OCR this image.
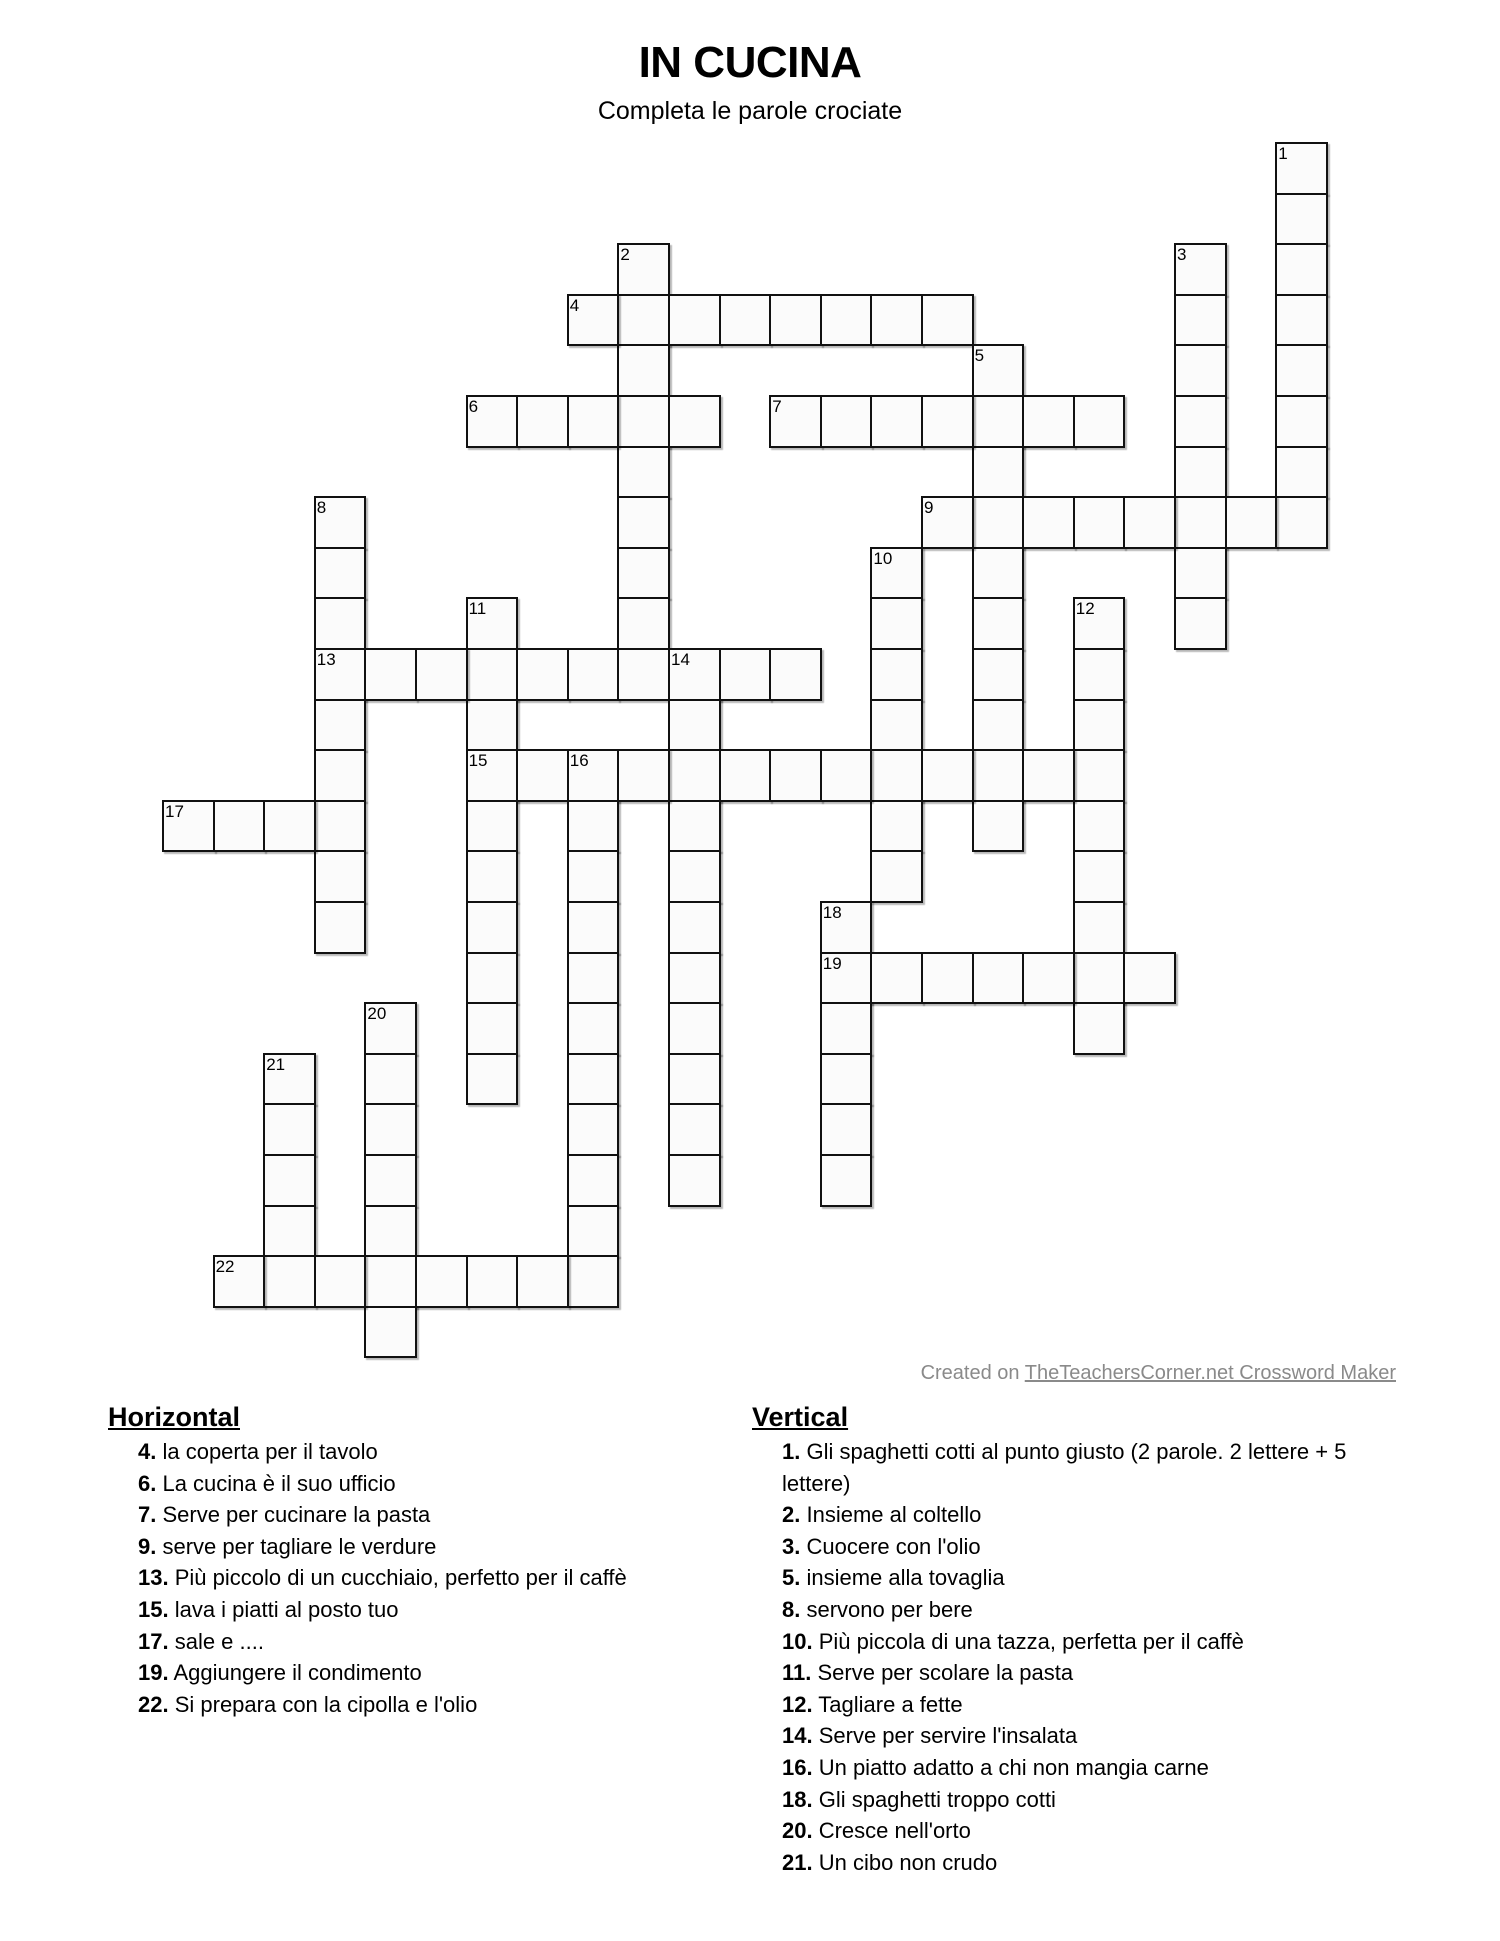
IN CUCINA
Completa le parole crociate
1
2	3
4
5
6	7
8
13
9
10
11
15
12
14
16
17
18
19
20
21
22
Created on TheTeachersCorner.net Crossword Maker
Horizontal
4. la coperta per il tavolo
6. La cucina è il suo ufficio
7. Serve per cucinare la pasta
9. serve per tagliare le verdure
13. Più piccolo di un cucchiaio, perfetto per il caffè
15. lava i piatti al posto tuo
17. sale e ....
19. Aggiungere il condimento
22. Si prepara con la cipolla e l'olio
Vertical
1. Gli spaghetti cotti al punto giusto (2 parole. 2 lettere + 5 lettere)
2. Insieme al coltello
3. Cuocere con l'olio
5. insieme alla tovaglia
8. servono per bere
10. Più piccola di una tazza, perfetta per il caffè
11. Serve per scolare la pasta
12. Tagliare a fette
14. Serve per servire l'insalata
16. Un piatto adatto a chi non mangia carne
18. Gli spaghetti troppo cotti
20. Cresce nell'orto
21. Un cibo non crudo
